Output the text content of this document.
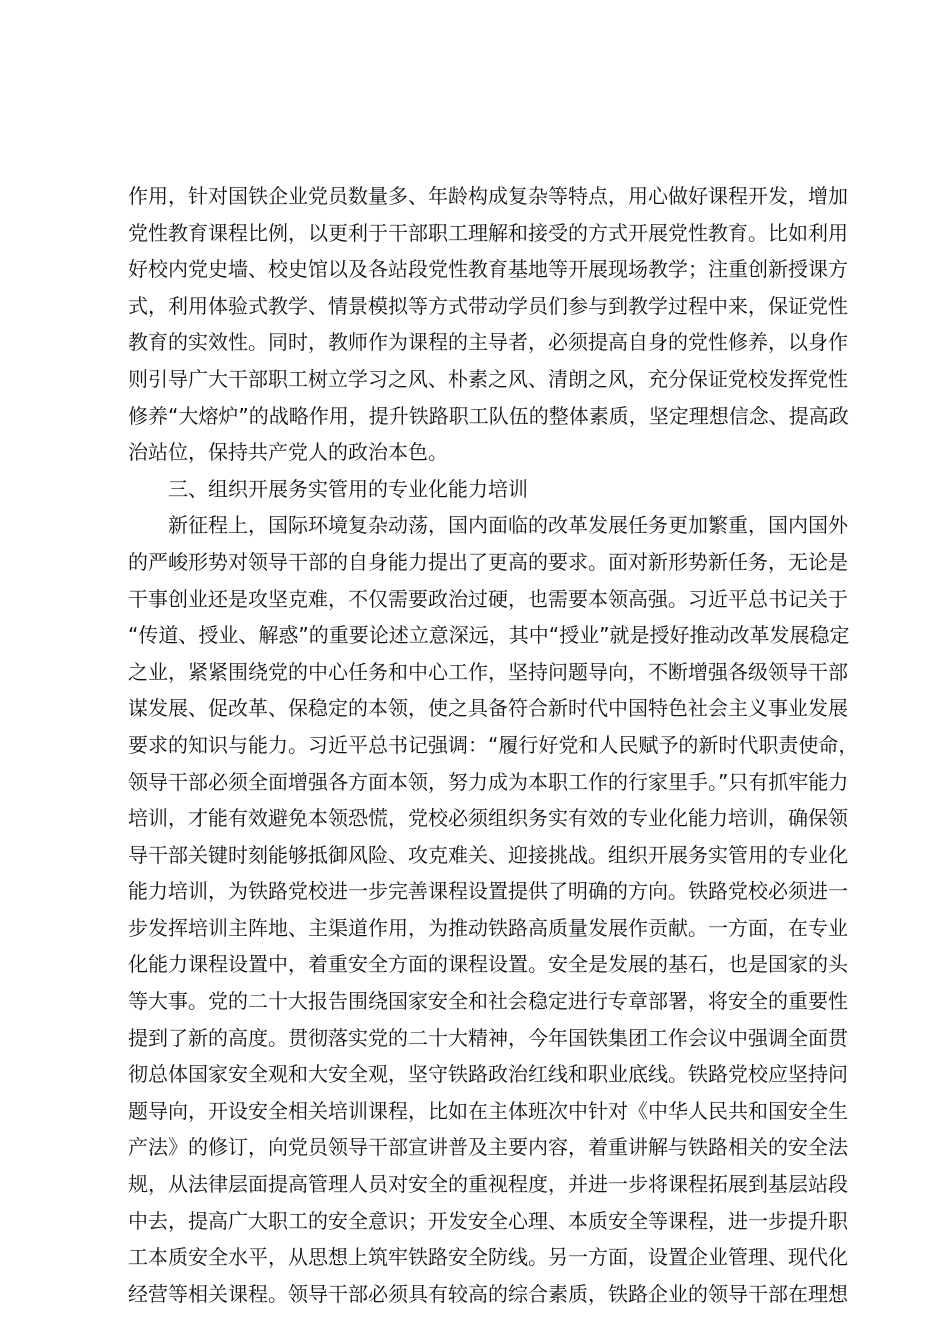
作用，针对国铁企业党员数量多、年龄构成复杂等特点，用心做好课程开发，增加
党性教育课程比例，以更利于干部职工理解和接受的方式开展党性教育。比如利用
好校内党史墙、校史馆以及各站段党性教育基地等开展现场教学；注重创新授课方
式，利用体验式教学、情景模拟等方式带动学员们参与到教学过程中来，保证党性
教育的实效性。同时，教师作为课程的主导者，必须提高自身的党性修养，以身作
则引导广大干部职工树立学习之风、朴素之风、清朗之风，充分保证党校发挥党性
修养“大熔炉”的战略作用，提升铁路职工队伍的整体素质，坚定理想信念、提高政
治站位，保持共产党人的政治本色。
三、组织开展务实管用的专业化能力培训
新征程上，国际环境复杂动荡，国内面临的改革发展任务更加繁重，国内国外
的严峻形势对领导干部的自身能力提出了更高的要求。面对新形势新任务，无论是
干事创业还是攻坚克难，不仅需要政治过硬，也需要本领高强。习近平总书记关于
“传道、授业、解惑”的重要论述立意深远，其中“授业”就是授好推动改革发展稳定
之业，紧紧围绕党的中心任务和中心工作，坚持问题导向，不断增强各级领导干部
谋发展、促改革、保稳定的本领，使之具备符合新时代中国特色社会主义事业发展
要求的知识与能力。习近平总书记强调：“履行好党和人民赋予的新时代职责使命，
领导干部必须全面增强各方面本领，努力成为本职工作的行家里手。”只有抓牢能力
培训，才能有效避免本领恐慌，党校必须组织务实有效的专业化能力培训，确保领
导干部关键时刻能够抵御风险、攻克难关、迎接挑战。组织开展务实管用的专业化
能力培训，为铁路党校进一步完善课程设置提供了明确的方向。铁路党校必须进一
步发挥培训主阵地、主渠道作用，为推动铁路高质量发展作贡献。一方面，在专业
化能力课程设置中，着重安全方面的课程设置。安全是发展的基石，也是国家的头
等大事。党的二十大报告围绕国家安全和社会稳定进行专章部署，将安全的重要性
提到了新的高度。贯彻落实党的二十大精神，今年国铁集团工作会议中强调全面贯
彻总体国家安全观和大安全观，坚守铁路政治红线和职业底线。铁路党校应坚持问
题导向，开设安全相关培训课程，比如在主体班次中针对《中华人民共和国安全生
产法》的修订，向党员领导干部宣讲普及主要内容，着重讲解与铁路相关的安全法
规，从法律层面提高管理人员对安全的重视程度，并进一步将课程拓展到基层站段
中去，提高广大职工的安全意识；开发安全心理、本质安全等课程，进一步提升职
工本质安全水平，从思想上筑牢铁路安全防线。另一方面，设置企业管理、现代化
经营等相关课程。领导干部必须具有较高的综合素质，铁路企业的领导干部在理想
